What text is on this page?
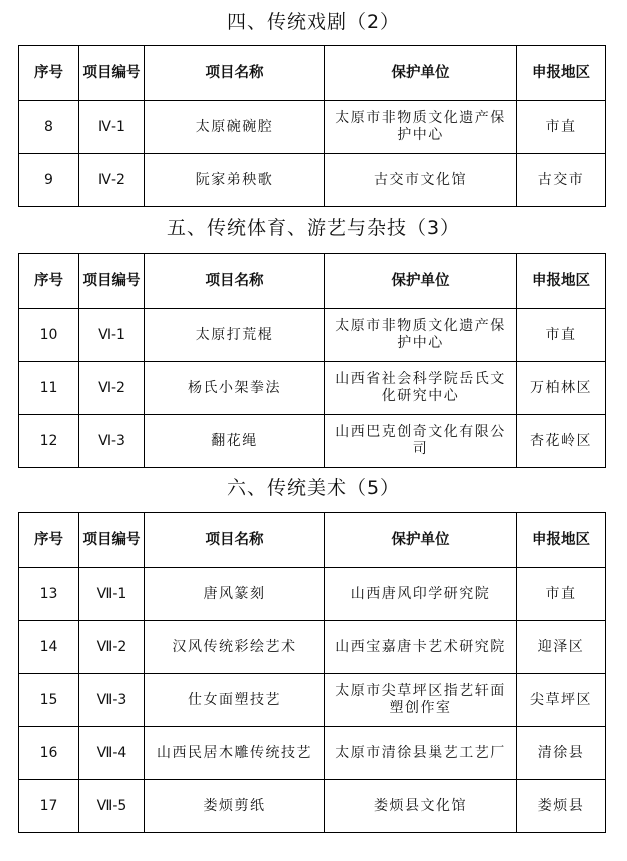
四、传统戏剧（2）
序号	项目编号	项目名称	保护单位	申报地区
8	Ⅳ-1	太原碗碗腔	太原市非物质文化遗产保护中心	市直
9	Ⅳ-2	阮家弟秧歌	古交市文化馆	古交市
五、传统体育、游艺与杂技（3）
序号	项目编号	项目名称	保护单位	申报地区
10	Ⅵ-1	太原打荒棍	太原市非物质文化遗产保护中心	市直
11	Ⅵ-2	杨氏小架拳法	山西省社会科学院岳氏文化研究中心	万柏林区
12	Ⅵ-3	翻花绳	山西巴克创奇文化有限公司	杏花岭区
六、传统美术（5）
序号	项目编号	项目名称	保护单位	申报地区
13	Ⅶ-1	唐风篆刻	山西唐风印学研究院	市直
14	Ⅶ-2	汉风传统彩绘艺术	山西宝嘉唐卡艺术研究院	迎泽区
15	Ⅶ-3	仕女面塑技艺	太原市尖草坪区指艺轩面塑创作室	尖草坪区
16	Ⅶ-4	山西民居木雕传统技艺	太原市清徐县巢艺工艺厂	清徐县
17	Ⅶ-5	娄烦剪纸	娄烦县文化馆	娄烦县
